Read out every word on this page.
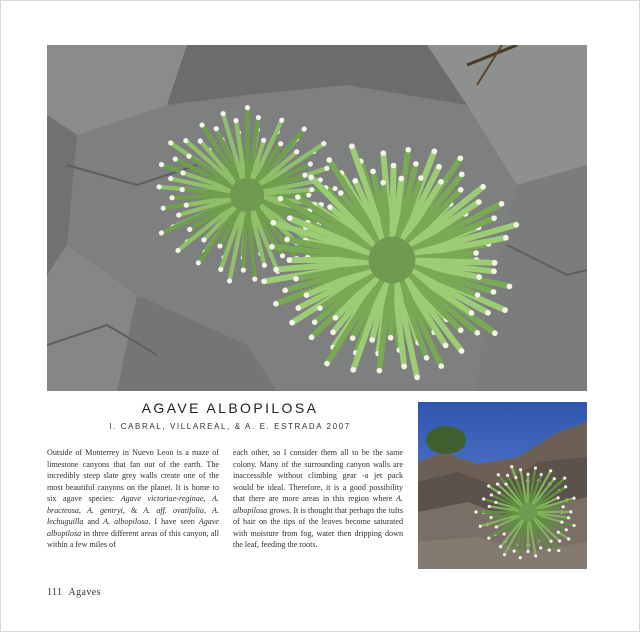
AGAVE ALBOPILOSA
I. CABRAL, VILLAREAL, & A. E. ESTRADA 2007

Outside of Monterrey in Nuevo Leon is a maze of limestone canyons that fan out of the earth. The incredibly steep slate grey walls create one of the most beautiful canyons on the planet. It is home to six agave species: Agave victoriae-reginae, A. bracteosa, A. gentryi, & A. aff. ovatifolia, A. lechuguilla and A. albopilosa. I have seen Agave albopilosa in three different areas of this canyon, all within a few miles of

each other, so I consider them all to be the same colony. Many of the surrounding canyon walls are inaccessible without climbing gear -a jet pack would be ideal. Therefore, it is a good possibility that there are more areas in this region where A. albopilosa grows. It is thought that perhaps the tufts of hair on the tips of the leaves become saturated with moisture from fog, water then dripping down the leaf, feeding the roots.

111 Agaves
